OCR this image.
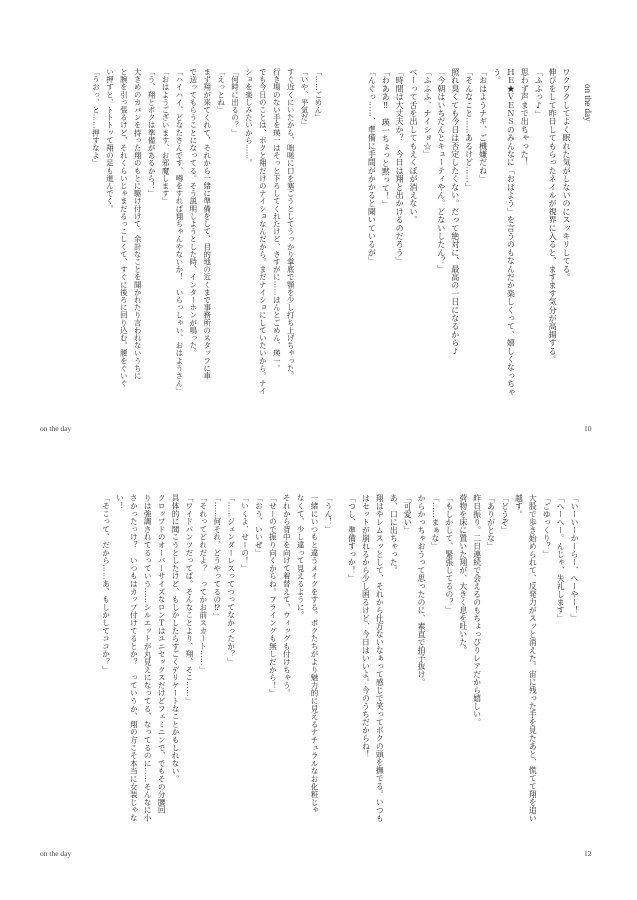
on the day
ワクワクしてよく眠れた気がしないのにスッキリしてる。
伸びをして昨日してもらったネイルが視界に入ると、ますます気分が高揚する。
「ふふっ♪」
思わず声まで出ちゃった！
ＨＥ★ＶＥＮＳのみんなに「おはよう」を言うのもなんだか楽しくって、嬉しくなっちゃ
う。
「おはようナギ、ご機嫌だね」
「そんなこと……あるけど……」
照れ臭くても今日は否定したくない。だって絶対に、最高の一日になるから♪
「今朝はいちだんとキューティやん。どないしたん？」
「ふふふ、ナイショ☆」
べーって舌を出してもえくぼが消えない。
「時間は大丈夫か？　今日は翔と出かけるのだろう」
「わああ‼　瑛一ちょっと黙って！」
「んぐっ……、準備に手間がかかると聞いているが」
「……ごめん」
「いや、平気だ」
すぐ近くにいたから、咄嗟に口を塞ごうとしてうっかり掌底で顎を少し打ち上げちゃった。
行き場のない手を瑛一はそっと下ろしてくれたけど、さすがに……ほんとごめん、瑛一。
でも今日のことは、ボクと翔だけのナイショなんだから。まだナイショにしていたいから。ナイ
ショを楽しみたいから……。
「何時に出るの？」
「えっとね」
まず翔が来てくれて、それから一緒に準備をして、目的地の近くまで事務所のスタッフに車
で送ってもらうことになってる。そう説明しようとした時、インターホンが鳴った。
「ハイハイ、どなたさんです、噂をすれば翔ちゃんやないか！　いらっしゃい、おはようさん」
「おはようございます、お邪魔します」
「う、翔とボクは準備があるから！」
大きめのカバンを持った翔のもとに駆け付けて、余計なことを聞かれたり言われないうちに
と腕を引っ張るけど、それくらいじゃまだるっこしくて、すぐに後ろに回り込む。腰をぐいぐ
い押すと、トトトッて翔の足も進んでく。
「うおっ、と……押すなよ」
on the day	10
「いーいーかーらー、へーやー！」
「へーへー。んじゃ、失礼します」
「ごゆっくり？」
大股で歩き始められて、反発力がスッと消えた。宙に残った手を見たあと、慌てて翔を追い
越す。
「どうぞ」
「ありがとな」
昨日振り。二日連続で会えるのもちょっぴりレアだから嬉しい。
荷物を床に置いた翔が、大きく息を吐いた。
「もしかして、緊張してるの？」
「……まぁな」
からかっちゃおうって思ったのに、素直で拍子抜け。
「可愛い」
あ、口に出ちゃった。
翔はやレムスッとして、それから仕方ないなぁって感じで笑ってボクの頭を撫でる。いつも
はセットが崩れるから少し困るけど、今日はいいよ。今のうちだからね！
「つし、準備すっか！」
「うん！」
一緒にいつもと違うメイクをする。ボクたちがより魅力的に見えるナチュラルなお化粧じゃ
なくて、少し違って見えるように。
それから背中を向けて着替えて、ウィッグも付けちゃう。
「せーので振り向くからね。フライングも無しだから！」
「おう、いいぜ」
「いくよ、せーの！」
「……ジェンダーレスってつってなかったか？」
「……何それ、どうやってるの⁉」
「それってどれだよ？　ってかお前スカート……」
「ワイドパンツだってば。そんなことより、翔、そこ……」
具体的に聞こうとしたけど、もしかしたらすごくデリケートなことかもしれない。
クロップドのオーバーサイズなロンＴはユニセックスだけどフェミニンで、でもその分腰回
りは強調されてるっていう……シルエットが丸見えになってる、なってるのに……そんなに小
さかったっけ？　いつもはカップ付けてるとか？　っていうか、翔の方こそ本当に女装じゃな
い！
「そこって、だから……あ、もしかしてココか？」
on the day	12
